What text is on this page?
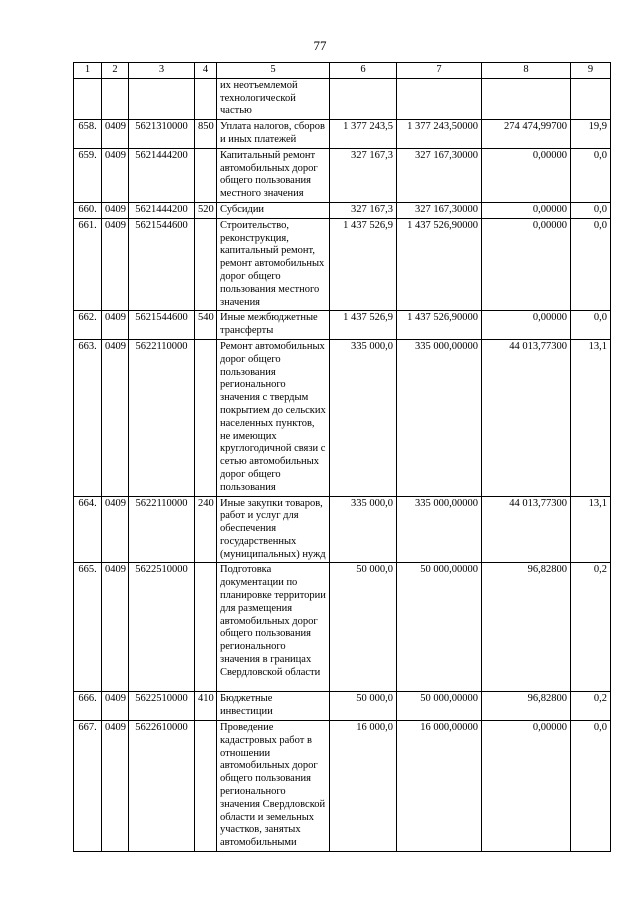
77
1	2	3	4	5	6	7	8	9
				их неотъемлемой технологической частью				
658.	0409	5621310000	850	Уплата налогов, сборов и иных платежей	1 377 243,5	1 377 243,50000	274 474,99700	19,9
659.	0409	5621444200		Капитальный ремонт автомобильных дорог общего пользования местного значения	327 167,3	327 167,30000	0,00000	0,0
660.	0409	5621444200	520	Субсидии	327 167,3	327 167,30000	0,00000	0,0
661.	0409	5621544600		Строительство, реконструкция, капитальный ремонт, ремонт автомобильных дорог общего пользования местного значения	1 437 526,9	1 437 526,90000	0,00000	0,0
662.	0409	5621544600	540	Иные межбюджетные трансферты	1 437 526,9	1 437 526,90000	0,00000	0,0
663.	0409	5622110000		Ремонт автомобильных дорог общего пользования регионального значения с твердым покрытием до сельских населенных пунктов, не имеющих круглогодичной связи с сетью автомобильных дорог общего пользования	335 000,0	335 000,00000	44 013,77300	13,1
664.	0409	5622110000	240	Иные закупки товаров, работ и услуг для обеспечения государственных (муниципальных) нужд	335 000,0	335 000,00000	44 013,77300	13,1
665.	0409	5622510000		Подготовка документации по планировке территории для размещения автомобильных дорог общего пользования регионального значения в границах Свердловской области	50 000,0	50 000,00000	96,82800	0,2
666.	0409	5622510000	410	Бюджетные инвестиции	50 000,0	50 000,00000	96,82800	0,2
667.	0409	5622610000		Проведение кадастровых работ в отношении автомобильных дорог общего пользования регионального значения Свердловской области и земельных участков, занятых автомобильными	16 000,0	16 000,00000	0,00000	0,0
